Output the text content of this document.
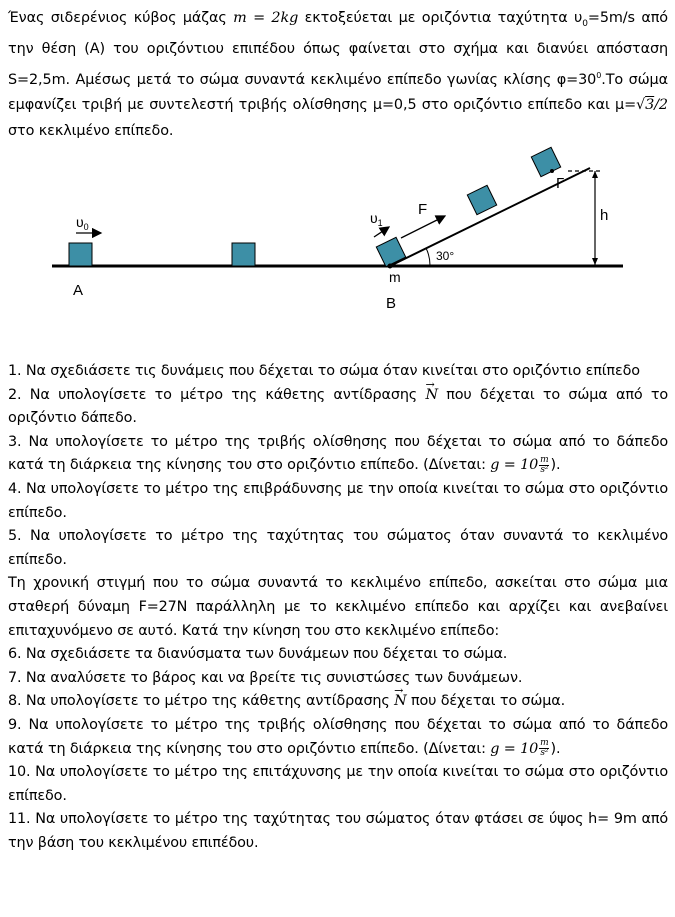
Ένας σιδερένιος κύβος μάζας m = 2kg εκτοξεύεται με οριζόντια ταχύτητα $\upsilon_0=5m/s$ από την θέση (Α) του οριζόντιου επιπέδου όπως φαίνεται στο σχήμα και διανύει απόσταση S=2,5m. Αμέσως μετά το σώμα συναντά κεκλιμένο επίπεδο γωνίας κλίσης $\varphi=30^0.To$ σώμα εμφανίζει τριβή με συντελεστή τριβής ολίσθησης μ=0,5 στο οριζόντιο επίπεδο και μ=√3/2 στο κεκλιμένο επίπεδο.

$\upsilon_0$
$\upsilon_1$
F
Α
m
Β
Γ
h
30°

1. Να σχεδιάσετε τις δυνάμεις που δέχεται το σώμα όταν κινείται στο οριζόντιο επίπεδο

2. Να υπολογίσετε το μέτρο της κάθετης αντίδρασης → N που δέχεται το σώμα από το οριζόντιο δάπεδο.

3. Να υπολογίσετε το μέτρο της τριβής ολίσθησης που δέχεται το σώμα από το δάπεδο κατά τη διάρκεια της κίνησης του στο οριζόντιο επίπεδο. (Δίνεται: $g = 10 \frac{m}{\text{s²}}$ ).

4. Να υπολογίσετε το μέτρο της επιβράδυνσης με την οποία κινείται το σώμα στο οριζόντιο επίπεδο.

5. Να υπολογίσετε το μέτρο της ταχύτητας του σώματος όταν συναντά το κεκλιμένο επίπεδο.

Τη χρονική στιγμή που το σώμα συναντά το κεκλιμένο επίπεδο, ασκείται στο σώμα μια σταθερή δύναμη F=27N παράλληλη με το κεκλιμένο επίπεδο και αρχίζει και ανεβαίνει επιταχυνόμενο σε αυτό. Κατά την κίνηση του στο κεκλιμένο επίπεδο:

6. Να σχεδιάσετε τα διανύσματα των δυνάμεων που δέχεται το σώμα.

7. Να αναλύσετε το βάρος και να βρείτε τις συνιστώσες των δυνάμεων.

8. Να υπολογίσετε το μέτρο της κάθετης αντίδρασης → N που δέχεται το σώμα.

9. Να υπολογίσετε το μέτρο της τριβής ολίσθησης που δέχεται το σώμα από το δάπεδο κατά τη διάρκεια της κίνησης του στο οριζόντιο επίπεδο. (Δίνεται: $g = 10 \frac{m}{\text{s²}}$ ).

10. Να υπολογίσετε το μέτρο της επιτάχυνσης με την οποία κινείται το σώμα στο οριζόντιο επίπεδο.

11. Να υπολογίσετε το μέτρο της ταχύτητας του σώματος όταν φτάσει σε ύψος h= 9m από την βάση του κεκλιμένου επιπέδου.
